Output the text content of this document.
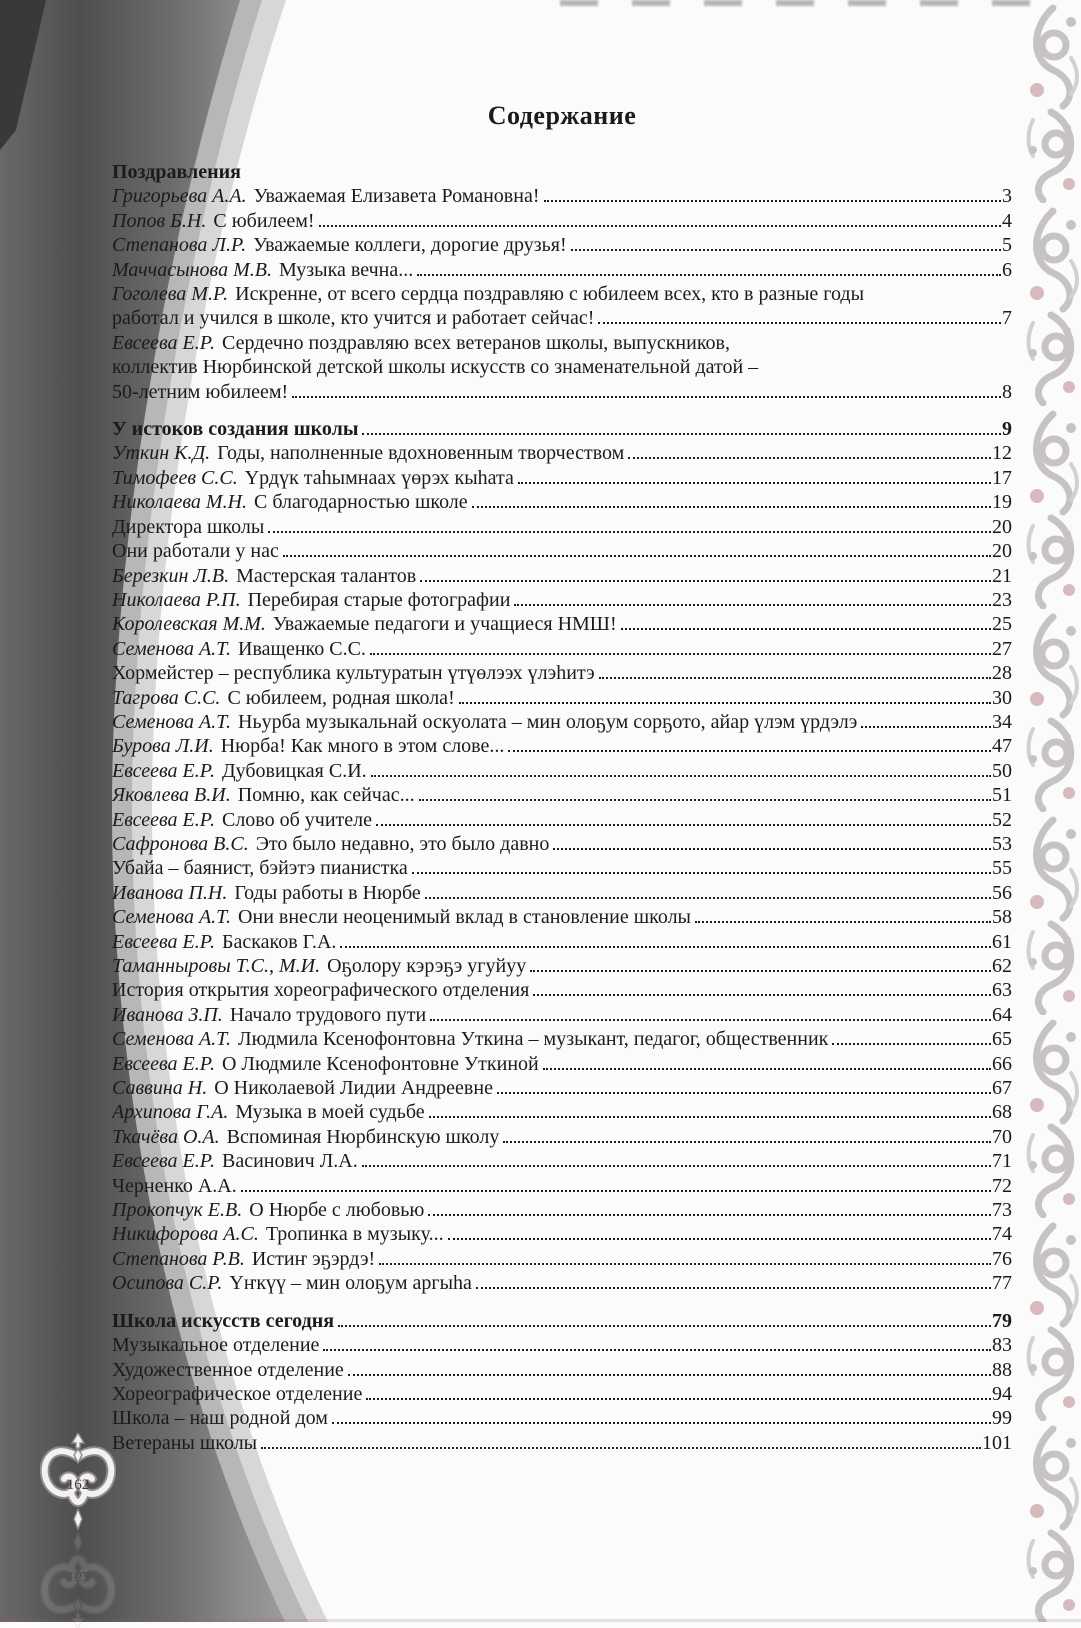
162
Содержание
Поздравления
Григорьева А.А. Уважаемая Елизавета Романовна!	3
Попов Б.Н. С юбилеем!	4
Степанова Л.Р. Уважаемые коллеги, дорогие друзья!	5
Маччасынова М.В. Музыка вечна...	6
Гоголева М.Р. Искренне, от всего сердца поздравляю с юбилеем всех, кто в разные годы
работал и учился в школе, кто учится и работает сейчас!	7
Евсеева Е.Р. Сердечно поздравляю всех ветеранов школы, выпускников,
коллектив Нюрбинской детской школы искусств со знаменательной датой –
50-летним юбилеем!	8
У истоков создания школы	9
Уткин К.Д. Годы, наполненные вдохновенным творчеством	12
Тимофеев С.С. Үрдүк таhымнаах үөрэх кыhата	17
Николаева М.Н. С благодарностью школе	19
Директора школы	20
Они работали у нас	20
Березкин Л.В. Мастерская талантов	21
Николаева Р.П. Перебирая старые фотографии	23
Королевская М.М. Уважаемые педагоги и учащиеся НМШ!	25
Семенова А.Т. Иващенко С.С.	27
Хормейстер – республика культуратын үтүөлээх үлэhитэ	28
Тагрова С.С. С юбилеем, родная школа!	30
Семенова А.Т. Ньурба музыкальнай оскуолата – мин олоҕум сорҕото, айар үлэм үрдэлэ	34
Бурова Л.И. Нюрба! Как много в этом слове...	47
Евсеева Е.Р. Дубовицкая С.И.	50
Яковлева В.И. Помню, как сейчас...	51
Евсеева Е.Р. Слово об учителе	52
Сафронова В.С. Это было недавно, это было давно	53
Убайа – баянист, бэйэтэ пианистка	55
Иванова П.Н. Годы работы в Нюрбе	56
Семенова А.Т. Они внесли неоценимый вклад в становление школы	58
Евсеева Е.Р. Баскаков Г.А.	61
Таманныровы Т.С., М.И. Оҕолору кэрэҕэ угуйуу	62
История открытия хореографического отделения	63
Иванова З.П. Начало трудового пути	64
Семенова А.Т. Людмила Ксенофонтовна Уткина – музыкант, педагог, общественник	65
Евсеева Е.Р. О Людмиле Ксенофонтовне Уткиной	66
Саввина Н. О Николаевой Лидии Андреевне	67
Архипова Г.А. Музыка в моей судьбе	68
Ткачёва О.А. Вспоминая Нюрбинскую школу	70
Евсеева Е.Р. Васинович Л.А.	71
Черненко А.А.	72
Прокопчук Е.В. О Нюрбе с любовью	73
Никифорова А.С. Тропинка в музыку...	74
Степанова Р.В. Истиҥ эҕэрдэ!	76
Осипова С.Р. Үҥкүү – мин олоҕум аргыhа	77
Школа искусств сегодня	79
Музыкальное отделение	83
Художественное отделение	88
Хореографическое отделение	94
Школа – наш родной дом	99
Ветераны школы	101
162
